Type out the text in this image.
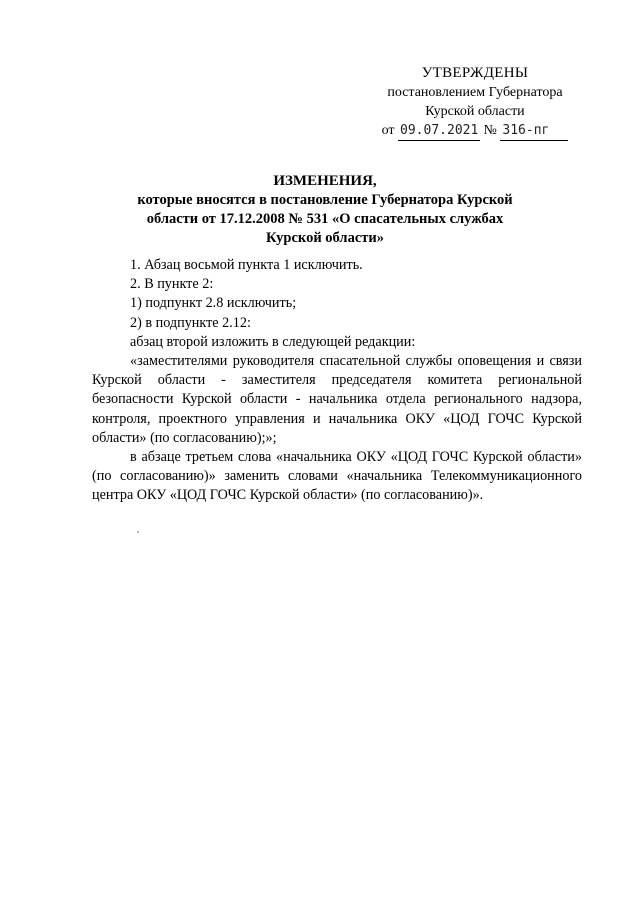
УТВЕРЖДЕНЫ
постановлением Губернатора
Курской области
от 09.07.2021 № 316-пг
ИЗМЕНЕНИЯ,
которые вносятся в постановление Губернатора Курской
области от 17.12.2008 № 531 «О спасательных службах
Курской области»

1. Абзац восьмой пункта 1 исключить.

2. В пункте 2:

1) подпункт 2.8 исключить;

2) в подпункте 2.12:

абзац второй изложить в следующей редакции:

«заместителями руководителя спасательной службы оповещения и связи Курской области - заместителя председателя комитета региональной безопасности Курской области - начальника отдела регионального надзора, контроля, проектного управления и начальника ОКУ «ЦОД ГОЧС Курской области» (по согласованию);»;

в абзаце третьем слова «начальника ОКУ «ЦОД ГОЧС Курской области» (по согласованию)» заменить словами «начальника Телекоммуникационного центра ОКУ «ЦОД ГОЧС Курской области» (по согласованию)».
